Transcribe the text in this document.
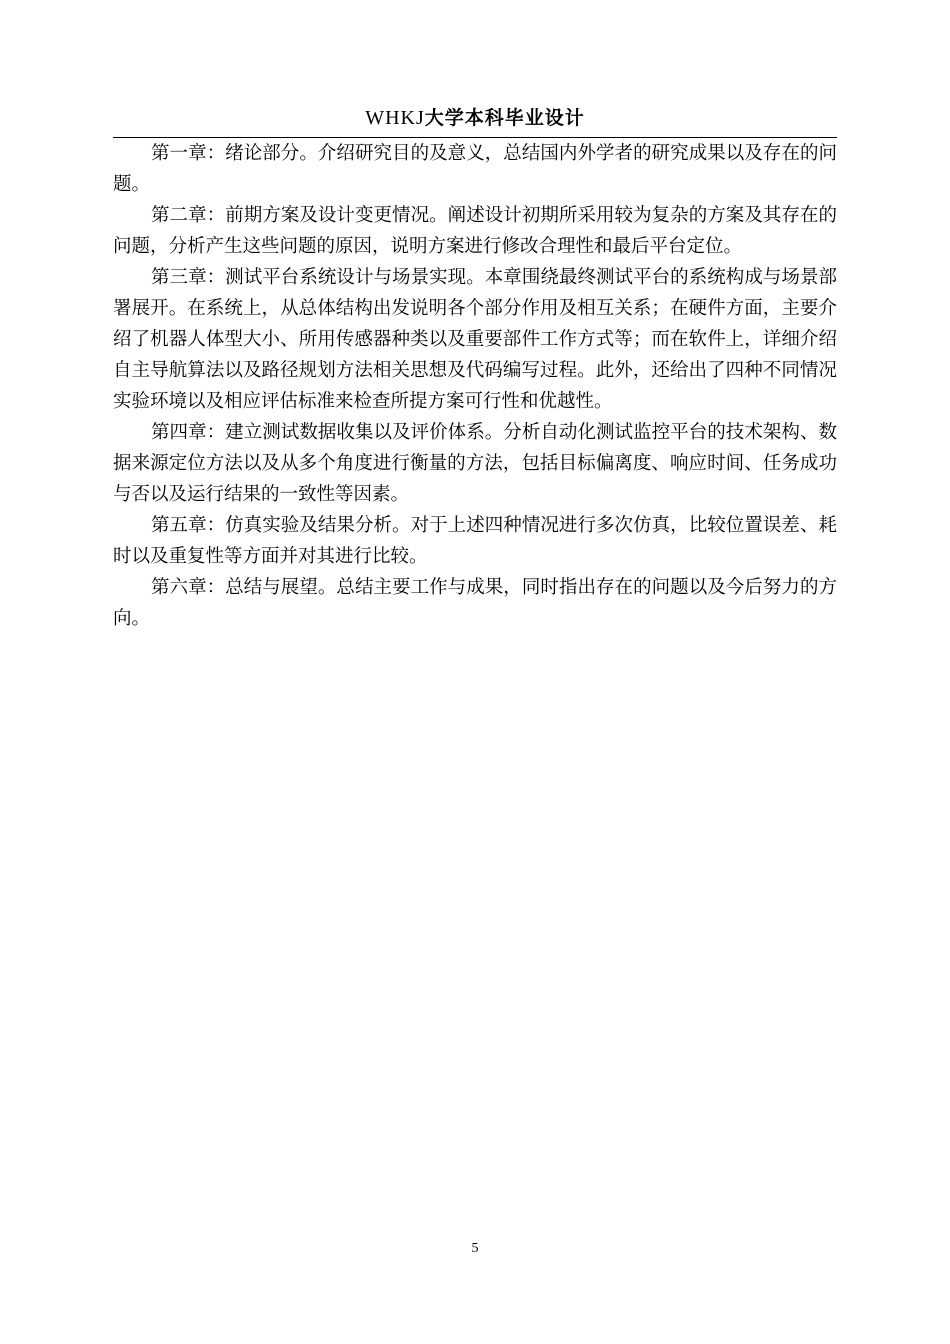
WHKJ大学本科毕业设计

第一章：绪论部分。介绍研究目的及意义，总结国内外学者的研究成果以及存在的问题。

第二章：前期方案及设计变更情况。阐述设计初期所采用较为复杂的方案及其存在的问题，分析产生这些问题的原因，说明方案进行修改合理性和最后平台定位。

第三章：测试平台系统设计与场景实现。本章围绕最终测试平台的系统构成与场景部署展开。在系统上，从总体结构出发说明各个部分作用及相互关系；在硬件方面，主要介绍了机器人体型大小、所用传感器种类以及重要部件工作方式等；而在软件上，详细介绍自主导航算法以及路径规划方法相关思想及代码编写过程。此外，还给出了四种不同情况实验环境以及相应评估标准来检查所提方案可行性和优越性。

第四章：建立测试数据收集以及评价体系。分析自动化测试监控平台的技术架构、数据来源定位方法以及从多个角度进行衡量的方法，包括目标偏离度、响应时间、任务成功与否以及运行结果的一致性等因素。

第五章：仿真实验及结果分析。对于上述四种情况进行多次仿真，比较位置误差、耗时以及重复性等方面并对其进行比较。

第六章：总结与展望。总结主要工作与成果，同时指出存在的问题以及今后努力的方向。

5
